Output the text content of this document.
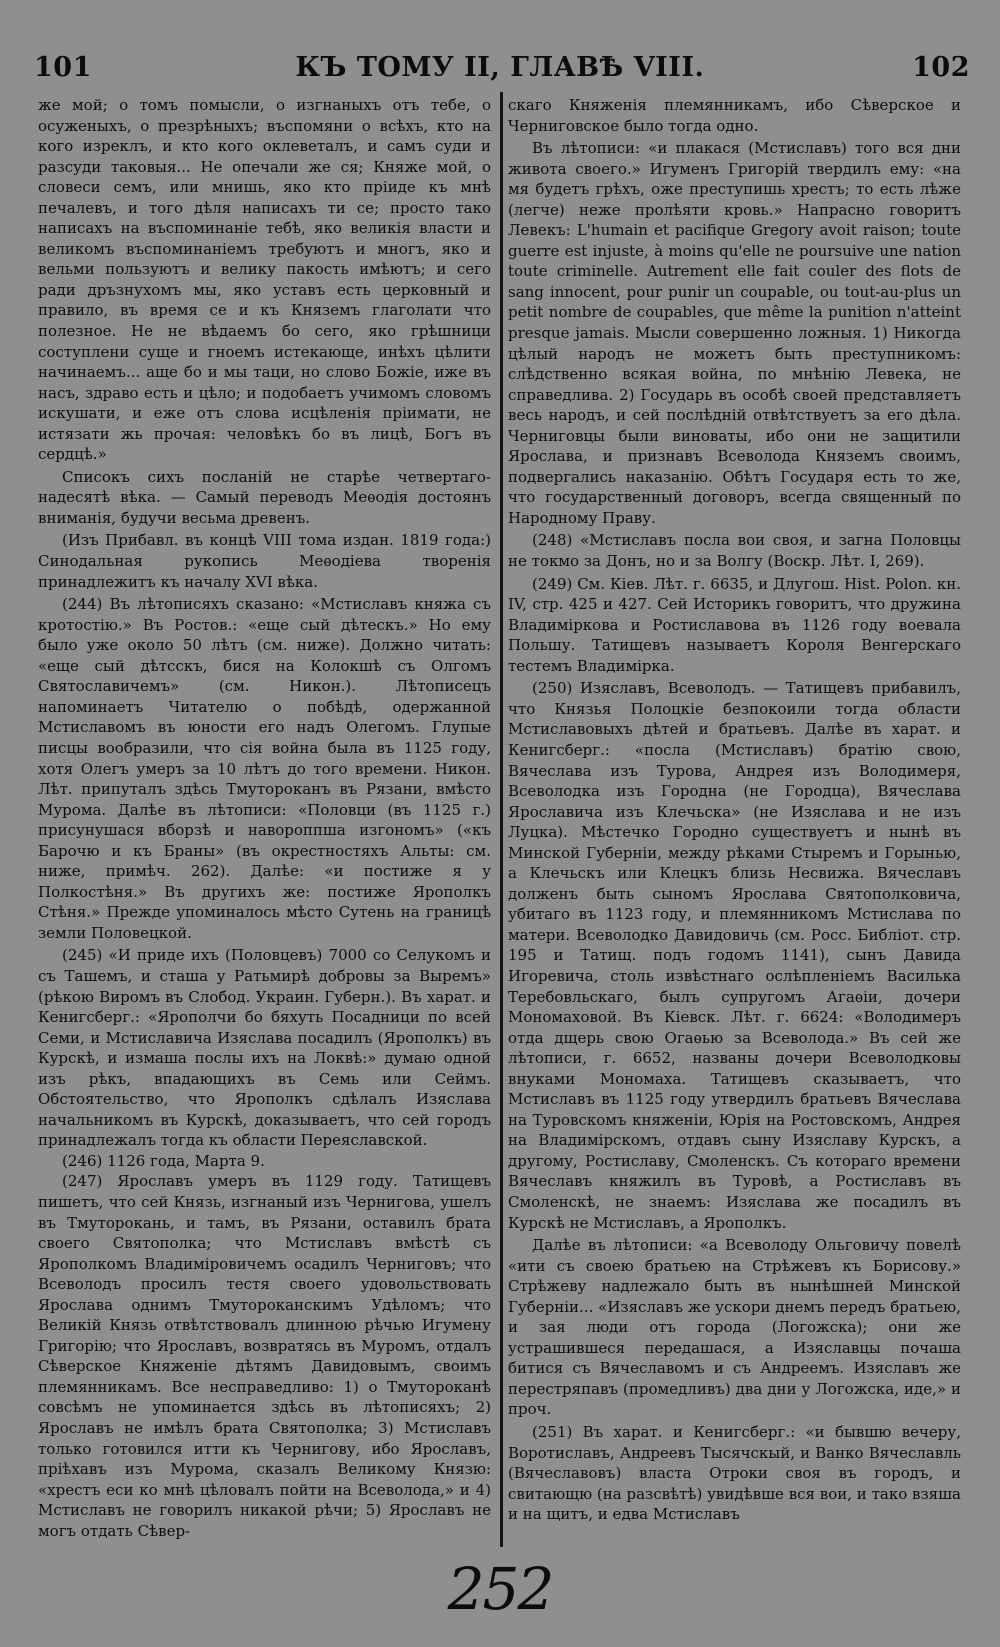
101	КЪ ТОМУ II, ГЛАВѢ VIII.	102

же мой; о томъ помысли, о изгнаныхъ отъ тебе, о осуженыхъ, о презрѣныхъ; въспомяни о всѣхъ, кто на кого изреклъ, и кто кого оклеветалъ, и самъ суди и разсуди таковыя... Не опечали же ся; Княже мой, о словеси семъ, или мнишь, яко кто пріиде къ мнѣ печалевъ, и того дѣля написахъ ти се; просто тако написахъ на въспоминаніе тебѣ, яко великія власти и великомъ въспоминаніемъ требуютъ и многъ, яко и вельми пользуютъ и велику пакость имѣютъ; и сего ради дръзнухомъ мы, яко уставъ есть церковный и правило, въ время се и къ Княземъ глаголати что полезное. Не не вѣдаемъ бо сего, яко грѣшници соступлени суще и гноемъ истекающе, инѣхъ цѣлити начинаемъ... аще бо и мы таци, но слово Божіе, иже въ насъ, здраво есть и цѣло; и подобаетъ учимомъ словомъ искушати, и еже отъ слова исцѣленія пріимати, не истязати жь прочая: человѣкъ бо въ лицѣ, Богъ въ сердцѣ.»

Списокъ сихъ посланій не старѣе четвертаго-надесятѣ вѣка. — Самый переводъ Меѳодія достоянъ вниманія, будучи весьма древенъ.

(Изъ Прибавл. въ концѣ VIII тома издан. 1819 года:) Синодальная рукопись Меѳодіева творенія принадлежитъ къ началу XVI вѣка.

(244) Въ лѣтописяхъ сказано: «Мстиславъ княжа съ кротостію.» Въ Ростов.: «еще сый дѣтескъ.» Но ему было уже около 50 лѣтъ (см. ниже). Должно читать: «еще сый дѣтсскъ, бися на Колокшѣ съ Олгомъ Святославичемъ» (см. Никон.). Лѣтописецъ напоминаетъ Читателю о побѣдѣ, одержанной Мстиславомъ въ юности его надъ Олегомъ. Глупые писцы вообразили, что сія война была въ 1125 году, хотя Олегъ умеръ за 10 лѣтъ до того времени. Никон. Лѣт. припуталъ здѣсь Тмутороканъ въ Рязани, вмѣсто Мурома. Далѣе въ лѣтописи: «Половци (въ 1125 г.) присунушася вборзѣ и навороппша изгономъ» («къ Барочю и къ Браны» (въ окрестностяхъ Альты: см. ниже, примѣч. 262). Далѣе: «и постиже я у Полкостѣня.» Въ другихъ же: постиже Ярополкъ Стѣня.» Прежде упоминалось мѣсто Сутень на границѣ земли Половецкой.

(245) «И приде ихъ (Половцевъ) 7000 со Селукомъ и съ Ташемъ, и сташа у Ратьмирѣ добровы за Выремъ» (рѣкою Виромъ въ Слобод. Украин. Губерн.). Въ харат. и Кенигсберг.: «Ярополчи бо бяхуть Посадници по всей Семи, и Мстиславича Изяслава посадилъ (Ярополкъ) въ Курскѣ, и измаша послы ихъ на Локвѣ:» думаю одной изъ рѣкъ, впадающихъ въ Семь или Сеймъ. Обстоятельство, что Ярополкъ сдѣлалъ Изяслава начальникомъ въ Курскѣ, доказываетъ, что сей городъ принадлежалъ тогда къ области Переяславской.

(246) 1126 года, Марта 9.

(247) Ярославъ умеръ въ 1129 году. Татищевъ пишетъ, что сей Князь, изгнаный изъ Чернигова, ушелъ въ Тмуторокань, и тамъ, въ Рязани, оставилъ брата своего Святополка; что Мстиславъ вмѣстѣ съ Ярополкомъ Владиміровичемъ осадилъ Черниговъ; что Всеволодъ просилъ тестя своего удовольствовать Ярослава однимъ Тмутороканскимъ Удѣломъ; что Великій Князь отвѣтствовалъ длинною рѣчью Игумену Григорію; что Ярославъ, возвратясь въ Муромъ, отдалъ Сѣверское Княженіе дѣтямъ Давидовымъ, своимъ племянникамъ. Все несправедливо: 1) о Тмутороканѣ совсѣмъ не упоминается здѣсь въ лѣтописяхъ; 2) Ярославъ не имѣлъ брата Святополка; 3) Мстиславъ только готовился итти къ Чернигову, ибо Ярославъ, пріѣхавъ изъ Мурома, сказалъ Великому Князю: «хрестъ еси ко мнѣ цѣловалъ пойти на Всеволода,» и 4) Мстиславъ не говорилъ никакой рѣчи; 5) Ярославъ не могъ отдать Сѣвер-

скаго Княженія племянникамъ, ибо Сѣверское и Черниговское было тогда одно.

Въ лѣтописи: «и плакася (Мстиславъ) того вся дни живота своего.» Игуменъ Григорій твердилъ ему: «на мя будетъ грѣхъ, оже преступишь хрестъ; то есть лѣже (легче) неже пролѣяти кровь.» Напрасно говоритъ Левекъ: L'humain et pacifique Gregory avoit raison; toute guerre est injuste, à moins qu'elle ne poursuive une nation toute criminelle. Autrement elle fait couler des flots de sang innocent, pour punir un coupable, ou tout-au-plus un petit nombre de coupables, que même la punition n'atteint presque jamais. Мысли совершенно ложныя. 1) Никогда цѣлый народъ не можетъ быть преступникомъ: слѣдственно всякая война, по мнѣнію Левека, не справедлива. 2) Государь въ особѣ своей представляетъ весь народъ, и сей послѣдній отвѣтствуетъ за его дѣла. Черниговцы были виноваты, ибо они не защитили Ярослава, и признавъ Всеволода Княземъ своимъ, подвергались наказанію. Обѣтъ Государя есть то же, что государственный договоръ, всегда священный по Народному Праву.

(248) «Мстиславъ посла вои своя, и загна Половцы не токмо за Донъ, но и за Волгу (Воскр. Лѣт. I, 269).

(249) См. Кiев. Лѣт. г. 6635, и Длугош. Hist. Polon. кн. IV, стр. 425 и 427. Сей Историкъ говоритъ, что дружина Владиміркова и Ростиславова въ 1126 году воевала Польшу. Татищевъ называетъ Короля Венгерскаго тестемъ Владимірка.

(250) Изяславъ, Всеволодъ. — Татищевъ прибавилъ, что Князья Полоцкіе безпокоили тогда области Мстиславовыхъ дѣтей и братьевъ. Далѣе въ харат. и Кенигсберг.: «посла (Мстиславъ) братію свою, Вячеслава изъ Турова, Андрея изъ Володимеря, Всеволодка изъ Городна (не Городца), Вячеслава Ярославича изъ Клечьска» (не Изяслава и не изъ Луцка). Мѣстечко Городно существуетъ и нынѣ въ Минской Губерніи, между рѣками Стыремъ и Горынью, а Клечьскъ или Клецкъ близь Несвижа. Вячеславъ долженъ быть сыномъ Ярослава Святополковича, убитаго въ 1123 году, и племянникомъ Мстислава по матери. Всеволодко Давидовичь (см. Росс. Библіот. стр. 195 и Татищ. подъ годомъ 1141), сынъ Давида Игоревича, столь извѣстнаго ослѣпленіемъ Василька Теребовльскаго, былъ супругомъ Агаѳіи, дочери Мономаховой. Въ Кiевск. Лѣт. г. 6624: «Володимеръ отда дщерь свою Огаѳью за Всеволода.» Въ сей же лѣтописи, г. 6652, названы дочери Всеволодковы внуками Мономаха. Татищевъ сказываетъ, что Мстиславъ въ 1125 году утвердилъ братьевъ Вячеслава на Туровскомъ княженіи, Юрія на Ростовскомъ, Андрея на Владимірскомъ, отдавъ сыну Изяславу Курскъ, а другому, Ростиславу, Смоленскъ. Съ котораго времени Вячеславъ княжилъ въ Туровѣ, а Ростиславъ въ Смоленскѣ, не знаемъ: Изяслава же посадилъ въ Курскѣ не Мстиславъ, а Ярополкъ.

Далѣе въ лѣтописи: «а Всеволоду Ольговичу повелѣ «ити съ своею братьею на Стрѣжевъ къ Борисову.» Стрѣжеву надлежало быть въ нынѣшней Минской Губерніи... «Изяславъ же ускори днемъ передъ братьею, и зая люди отъ города (Логожска); они же устрашившеся передашася, а Изяславцы почаша битися съ Вячеславомъ и съ Андреемъ. Изяславъ же перестряпавъ (промедливъ) два дни у Логожска, иде,» и проч.

(251) Въ харат. и Кенигсберг.: «и бывшю вечеру, Воротиславъ, Андреевъ Тысячскый, и Ванко Вячеславль (Вячеславовъ) власта Отроки своя въ городъ, и свитающю (на разсвѣтѣ) увидѣвше вся вои, и тако взяша и на щитъ, и едва Мстиславъ

252
